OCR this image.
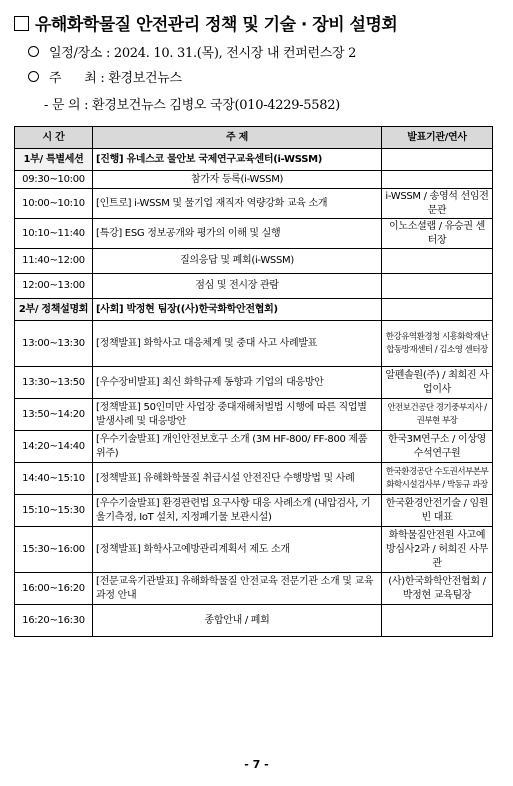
유해화학물질 안전관리 정책 및 기술 · 장비 설명회
일정/장소 : 2024. 10. 31.(목), 전시장 내 컨퍼런스장 2
주      최 : 환경보건뉴스
- 문 의 : 환경보건뉴스 김병오 국장(010-4229-5582)
시 간	주 제	발표기관/연사
1부/ 특별세션	[진행] 유네스코 물안보 국제연구교육센터(i-WSSM)	
09:30~10:00	참가자 등록(i-WSSM)	
10:00~10:10	[인트로] i-WSSM 및 물기업 재직자 역량강화 교육 소개	i-WSSM / 송영석 선임전문관
10:10~11:40	[특강] ESG 정보공개와 평가의 이해 및 실행	이노소셜랩 / 유승권 센터장
11:40~12:00	질의응답 및 폐회(i-WSSM)	
12:00~13:00	점심 및 전시장 관람	
2부/ 정책설명회	[사회] 박정현 팀장((사)한국화학안전협회)	
13:00~13:30	[정책발표] 화학사고 대응체계 및 중대 사고 사례발표	한강유역환경청 시흥화학재난합동방재센터 / 김소영 센터장
13:30~13:50	[우수장비발표] 최신 화학규제 동향과 기업의 대응방안	알펜솔원(주) / 최희진 사업이사
13:50~14:20	[정책발표] 50인미만 사업장 중대재해처벌법 시행에 따른 직업별 발생사례 및 대응방안	안전보건공단 경기중부지사 / 권부현 부장
14:20~14:40	[우수기술발표] 개인안전보호구 소개 (3M HF-800/ FF-800 제품 위주)	한국3M연구소 / 이상영 수석연구원
14:40~15:10	[정책발표] 유해화학물질 취급시설 안전진단 수행방법 및 사례	한국환경공단 수도권서부본부 화학시설검사부 / 박동규 과장
15:10~15:30	[우수기술발표] 환경관련법 요구사항 대응 사례소개 (내압검사, 기울기측정, IoT 설치, 지정폐기물 보관시설)	한국환경안전기술 / 임원빈 대표
15:30~16:00	[정책발표] 화학사고예방관리계획서 제도 소개	화학물질안전원 사고예방심사2과 / 허희진 사무관
16:00~16:20	[전문교육기관발표] 유해화학물질 안전교육 전문기관 소개 및 교육과정 안내	(사)한국화학안전협회 / 박정현 교육팀장
16:20~16:30	종합안내 / 폐회	
- 7 -
